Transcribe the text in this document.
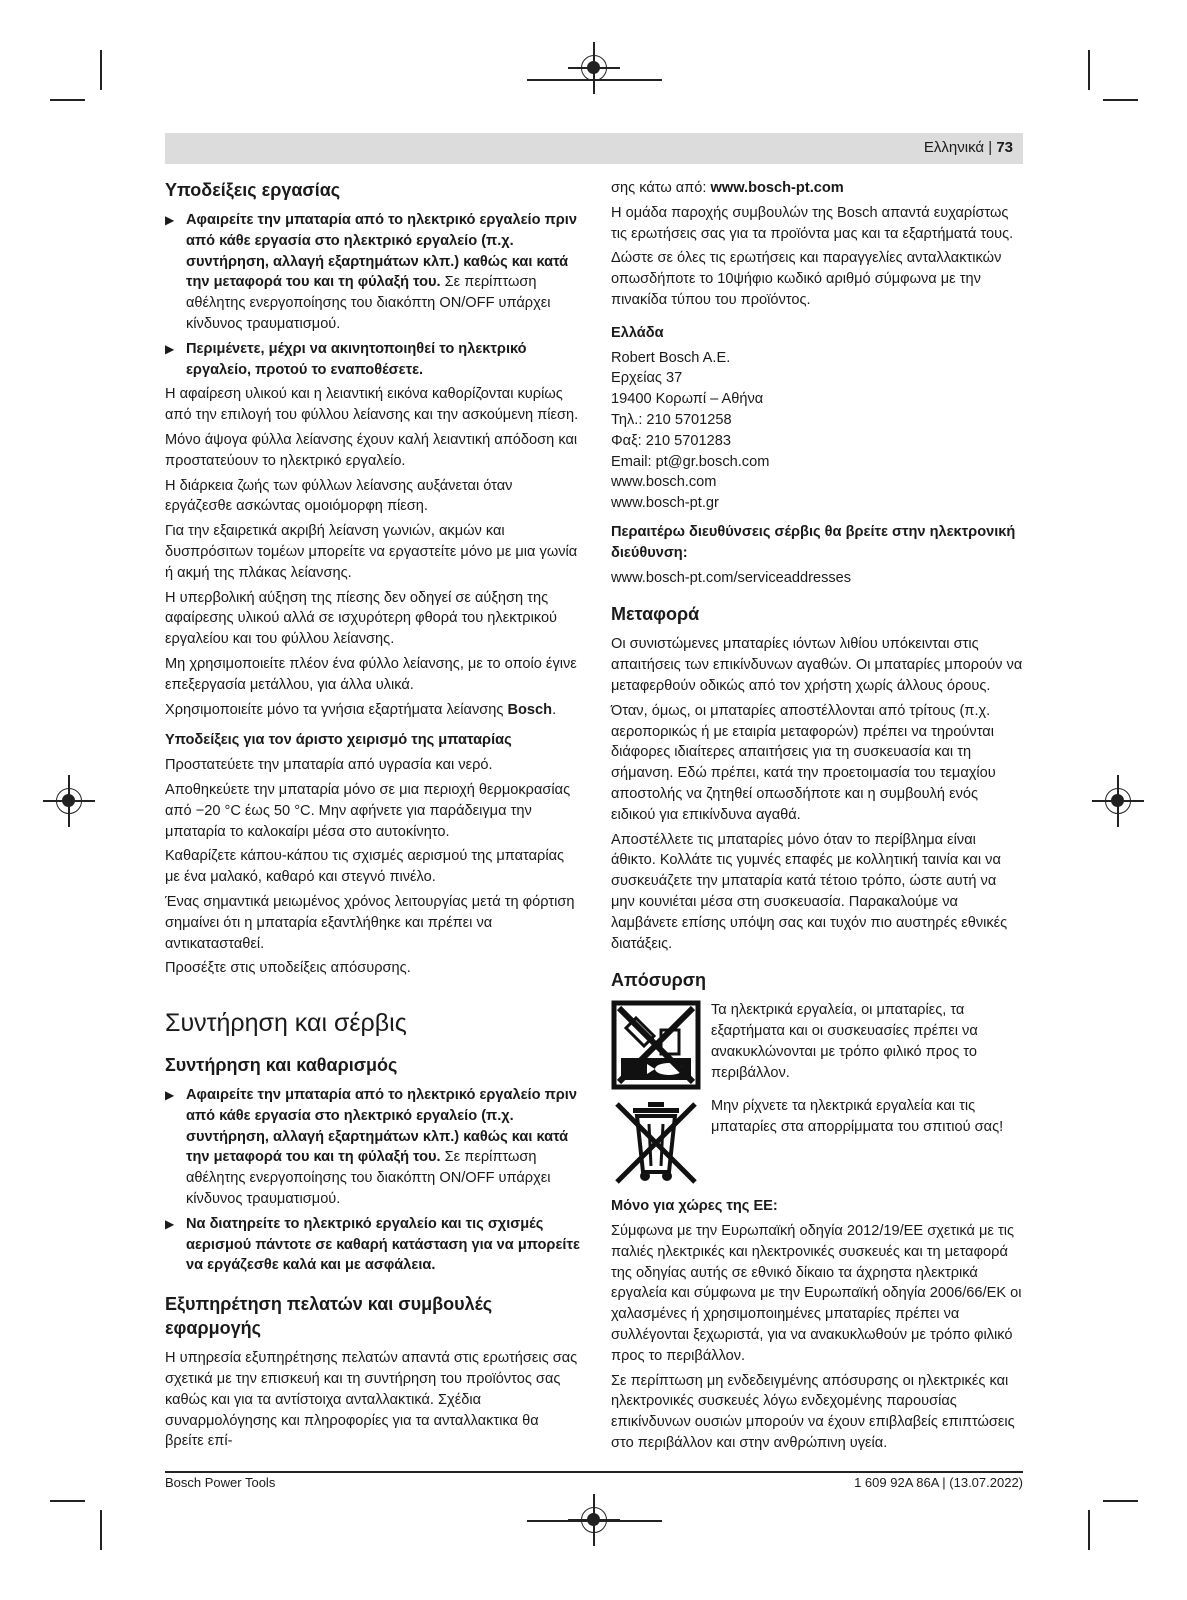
Ελληνικά | 73
Υποδείξεις εργασίας
▶ Αφαιρείτε την μπαταρία από το ηλεκτρικό εργαλείο πριν από κάθε εργασία στο ηλεκτρικό εργαλείο (π.χ. συντήρηση, αλλαγή εξαρτημάτων κλπ.) καθώς και κατά την μεταφορά του και τη φύλαξή του. Σε περίπτωση αθέλητης ενεργοποίησης του διακόπτη ON/OFF υπάρχει κίνδυνος τραυματισμού.
▶ Περιμένετε, μέχρι να ακινητοποιηθεί το ηλεκτρικό εργαλείο, προτού το εναποθέσετε.

Η αφαίρεση υλικού και η λειαντική εικόνα καθορίζονται κυρίως από την επιλογή του φύλλου λείανσης και την ασκούμενη πίεση.

Μόνο άψογα φύλλα λείανσης έχουν καλή λειαντική απόδοση και προστατεύουν το ηλεκτρικό εργαλείο.

Η διάρκεια ζωής των φύλλων λείανσης αυξάνεται όταν εργάζεσθε ασκώντας ομοιόμορφη πίεση.

Για την εξαιρετικά ακριβή λείανση γωνιών, ακμών και δυσπρόσιτων τομέων μπορείτε να εργαστείτε μόνο με μια γωνία ή ακμή της πλάκας λείανσης.

Η υπερβολική αύξηση της πίεσης δεν οδηγεί σε αύξηση της αφαίρεσης υλικού αλλά σε ισχυρότερη φθορά του ηλεκτρικού εργαλείου και του φύλλου λείανσης.

Μη χρησιμοποιείτε πλέον ένα φύλλο λείανσης, με το οποίο έγινε επεξεργασία μετάλλου, για άλλα υλικά.

Χρησιμοποιείτε μόνο τα γνήσια εξαρτήματα λείανσης Bosch.

Υποδείξεις για τον άριστο χειρισμό της μπαταρίας

Προστατεύετε την μπαταρία από υγρασία και νερό.

Αποθηκεύετε την μπαταρία μόνο σε μια περιοχή θερμοκρασίας από −20 °C έως 50 °C. Μην αφήνετε για παράδειγμα την μπαταρία το καλοκαίρι μέσα στο αυτοκίνητο.

Καθαρίζετε κάπου-κάπου τις σχισμές αερισμού της μπαταρίας με ένα μαλακό, καθαρό και στεγνό πινέλο.

Ένας σημαντικά μειωμένος χρόνος λειτουργίας μετά τη φόρτιση σημαίνει ότι η μπαταρία εξαντλήθηκε και πρέπει να αντικατασταθεί.

Προσέξτε στις υποδείξεις απόσυρσης.

Συντήρηση και σέρβις
Συντήρηση και καθαρισμός
▶ Αφαιρείτε την μπαταρία από το ηλεκτρικό εργαλείο πριν από κάθε εργασία στο ηλεκτρικό εργαλείο (π.χ. συντήρηση, αλλαγή εξαρτημάτων κλπ.) καθώς και κατά την μεταφορά του και τη φύλαξή του. Σε περίπτωση αθέλητης ενεργοποίησης του διακόπτη ON/OFF υπάρχει κίνδυνος τραυματισμού.
▶ Να διατηρείτε το ηλεκτρικό εργαλείο και τις σχισμές αερισμού πάντοτε σε καθαρή κατάσταση για να μπορείτε να εργάζεσθε καλά και με ασφάλεια.
Εξυπηρέτηση πελατών και συμβουλές εφαρμογής

Η υπηρεσία εξυπηρέτησης πελατών απαντά στις ερωτήσεις σας σχετικά με την επισκευή και τη συντήρηση του προϊόντος σας καθώς και για τα αντίστοιχα ανταλλακτικά. Σχέδια συναρμολόγησης και πληροφορίες για τα ανταλλακτικα θα βρείτε επί-

σης κάτω από: www.bosch-pt.com

Η ομάδα παροχής συμβουλών της Bosch απαντά ευχαρίστως τις ερωτήσεις σας για τα προϊόντα μας και τα εξαρτήματά τους.

Δώστε σε όλες τις ερωτήσεις και παραγγελίες ανταλλακτικών οπωσδήποτε το 10ψήφιο κωδικό αριθμό σύμφωνα με την πινακίδα τύπου του προϊόντος.

Ελλάδα

Robert Bosch A.E.

Ερχείας 37

19400 Κορωπί – Αθήνα

Τηλ.: 210 5701258

Φαξ: 210 5701283

Email: pt@gr.bosch.com

www.bosch.com

www.bosch-pt.gr

Περαιτέρω διευθύνσεις σέρβις θα βρείτε στην ηλεκτρονική διεύθυνση:

www.bosch-pt.com/serviceaddresses

Μεταφορά

Οι συνιστώμενες μπαταρίες ιόντων λιθίου υπόκεινται στις απαιτήσεις των επικίνδυνων αγαθών. Οι μπαταρίες μπορούν να μεταφερθούν οδικώς από τον χρήστη χωρίς άλλους όρους.

Όταν, όμως, οι μπαταρίες αποστέλλονται από τρίτους (π.χ. αεροπορικώς ή με εταιρία μεταφορών) πρέπει να τηρούνται διάφορες ιδιαίτερες απαιτήσεις για τη συσκευασία και τη σήμανση. Εδώ πρέπει, κατά την προετοιμασία του τεμαχίου αποστολής να ζητηθεί οπωσδήποτε και η συμβουλή ενός ειδικού για επικίνδυνα αγαθά.

Αποστέλλετε τις μπαταρίες μόνο όταν το περίβλημα είναι άθικτο. Κολλάτε τις γυμνές επαφές με κολλητική ταινία και να συσκευάζετε την μπαταρία κατά τέτοιο τρόπο, ώστε αυτή να μην κουνιέται μέσα στη συσκευασία. Παρακαλούμε να λαμβάνετε επίσης υπόψη σας και τυχόν πιο αυστηρές εθνικές διατάξεις.

Απόσυρση
Τα ηλεκτρικά εργαλεία, οι μπαταρίες, τα εξαρτήματα και οι συσκευασίες πρέπει να ανακυκλώνονται με τρόπο φιλικό προς το περιβάλλον.
Μην ρίχνετε τα ηλεκτρικά εργαλεία και τις μπαταρίες στα απορρίμματα του σπιτιού σας!
Μόνο για χώρες της ΕΕ:

Σύμφωνα με την Ευρωπαϊκή οδηγία 2012/19/ΕΕ σχετικά με τις παλιές ηλεκτρικές και ηλεκτρονικές συσκευές και τη μεταφορά της οδηγίας αυτής σε εθνικό δίκαιο τα άχρηστα ηλεκτρικά εργαλεία και σύμφωνα με την Ευρωπαϊκή οδηγία 2006/66/ΕΚ οι χαλασμένες ή χρησιμοποιημένες μπαταρίες πρέπει να συλλέγονται ξεχωριστά, για να ανακυκλωθούν με τρόπο φιλικό προς το περιβάλλον.

Σε περίπτωση μη ενδεδειγμένης απόσυρσης οι ηλεκτρικές και ηλεκτρονικές συσκευές λόγω ενδεχομένης παρουσίας επικίνδυνων ουσιών μπορούν να έχουν επιβλαβείς επιπτώσεις στο περιβάλλον και στην ανθρώπινη υγεία.

Bosch Power Tools	1 609 92A 86A | (13.07.2022)
